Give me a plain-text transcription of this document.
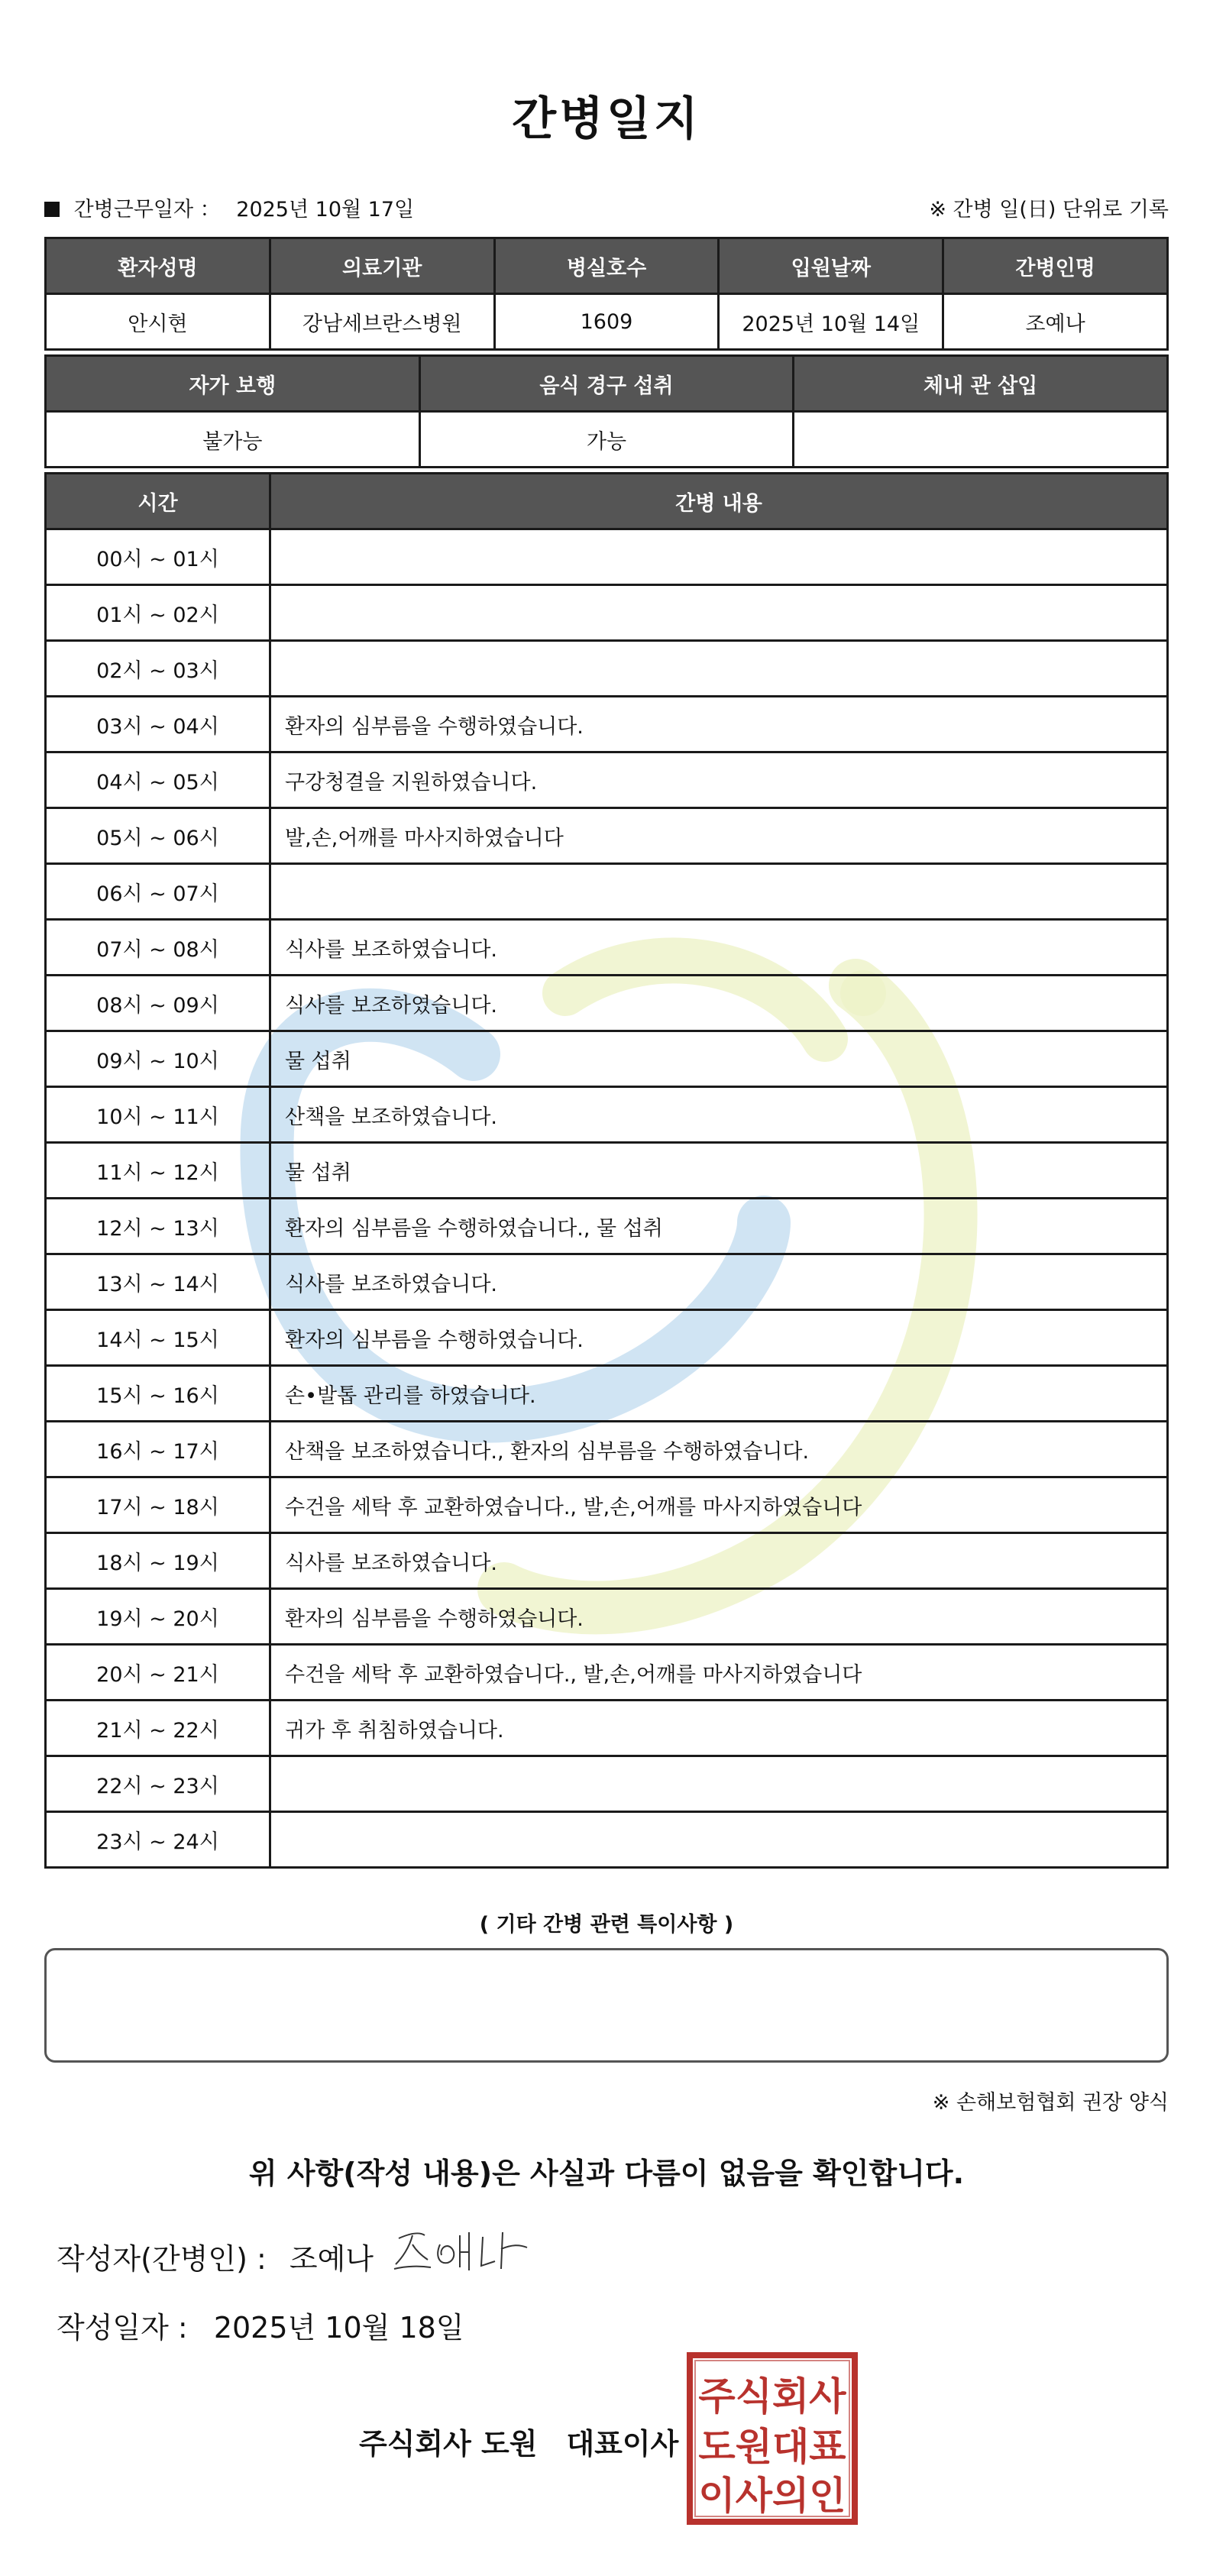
간병일지
간병근무일자 ： 2025년 10월 17일	※ 간병 일(日) 단위로 기록
환자성명	의료기관	병실호수	입원날짜	간병인명
안시현	강남세브란스병원	1609	2025년 10월 14일	조예나
자가 보행	음식 경구 섭취	체내 관 삽입
불가능	가능	
시간	간병 내용
00시 ~ 01시	
01시 ~ 02시	
02시 ~ 03시	
03시 ~ 04시	환자의 심부름을 수행하였습니다.
04시 ~ 05시	구강청결을 지원하였습니다.
05시 ~ 06시	발,손,어깨를 마사지하였습니다
06시 ~ 07시	
07시 ~ 08시	식사를 보조하였습니다.
08시 ~ 09시	식사를 보조하였습니다.
09시 ~ 10시	물 섭취
10시 ~ 11시	산책을 보조하였습니다.
11시 ~ 12시	물 섭취
12시 ~ 13시	환자의 심부름을 수행하였습니다., 물 섭취
13시 ~ 14시	식사를 보조하였습니다.
14시 ~ 15시	환자의 심부름을 수행하였습니다.
15시 ~ 16시	손•발톱 관리를 하였습니다.
16시 ~ 17시	산책을 보조하였습니다., 환자의 심부름을 수행하였습니다.
17시 ~ 18시	수건을 세탁 후 교환하였습니다., 발,손,어깨를 마사지하였습니다
18시 ~ 19시	식사를 보조하였습니다.
19시 ~ 20시	환자의 심부름을 수행하였습니다.
20시 ~ 21시	수건을 세탁 후 교환하였습니다., 발,손,어깨를 마사지하였습니다
21시 ~ 22시	귀가 후 취침하였습니다.
22시 ~ 23시	
23시 ~ 24시	
( 기타 간병 관련 특이사항 )
※ 손해보험협회 권장 양식
위 사항(작성 내용)은 사실과 다름이 없음을 확인합니다.
작성자(간병인) : 조예나
작성일자 : 2025년 10월 18일
주식회사 도원　대표이사
주식회사
도원대표
이사의인
